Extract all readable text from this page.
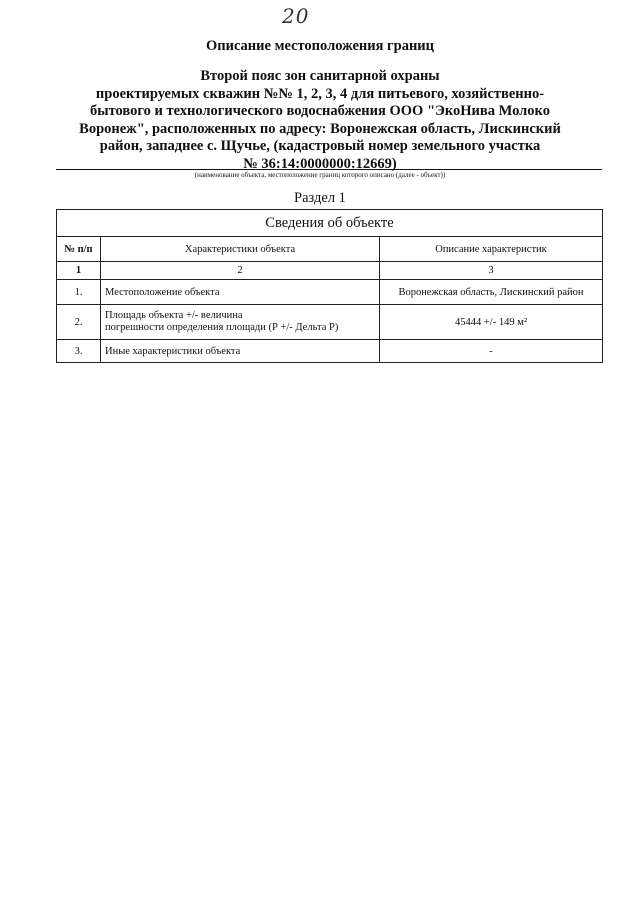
20
Описание местоположения границ
Второй пояс зон санитарной охраны
проектируемых скважин №№ 1, 2, 3, 4 для питьевого, хозяйственно-
бытового и технологического водоснабжения ООО "ЭкоНива Молоко
Воронеж", расположенных по адресу: Воронежская область, Лискинский
район, западнее с. Щучье, (кадастровый номер земельного участка
№ 36:14:0000000:12669)
(наименование объекта, местоположение границ которого описано (далее - объект))
Раздел 1
Сведения об объекте		
№ п/п	Характеристики объекта	Описание характеристик
1	2	3
1.	Местоположение объекта	Воронежская область, Лискинский район
2.	Площадь объекта +/- величина
погрешности определения площади (Р +/- Дельта Р)	45444 +/- 149 м²
3.	Иные характеристики объекта	-
